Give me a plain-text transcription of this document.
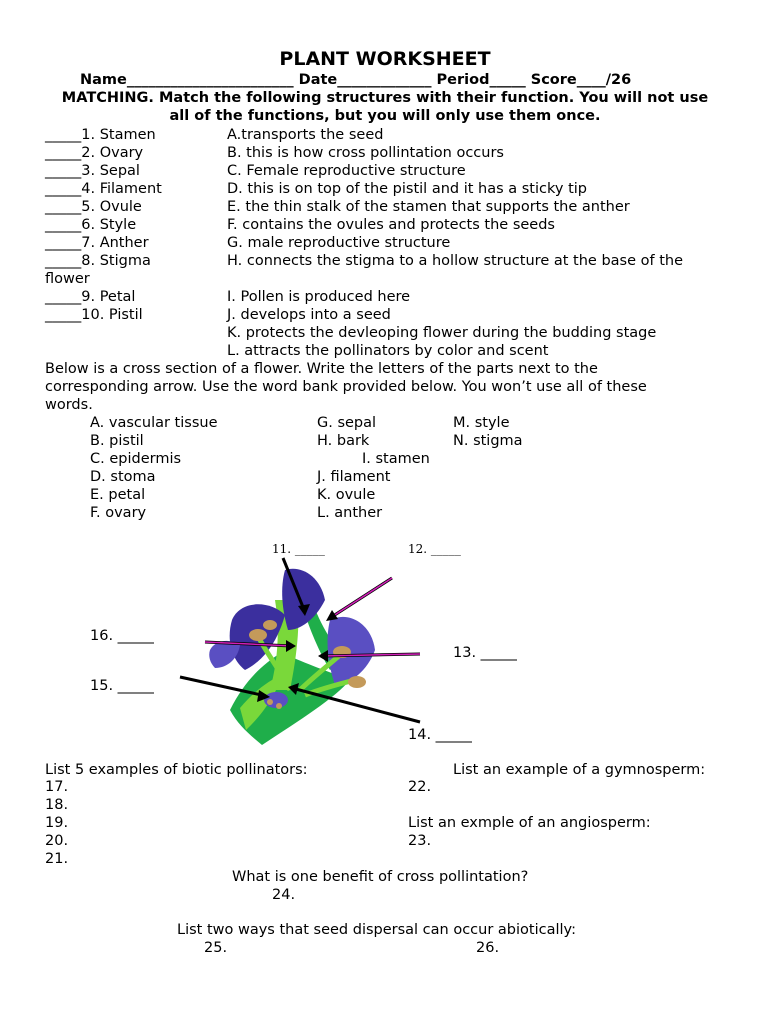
PLANT WORKSHEET
Name_______________________ Date_____________ Period_____ Score____/26
MATCHING. Match the following structures with their function. You will not use
all of the functions, but you will only use them once.
_____1. Stamen	A.transports the seed
_____2. Ovary	B. this is how cross pollintation occurs
_____3. Sepal	C. Female reproductive structure
_____4. Filament	D. this is on top of the pistil and it has a sticky tip
_____5. Ovule	E. the thin stalk of the stamen that supports the anther
_____6. Style	F. contains the ovules and protects the seeds
_____7. Anther	G. male reproductive structure
_____8. Stigma	H. connects the stigma to a hollow structure at the base of the
flower
_____9. Petal	I. Pollen is produced here
_____10. Pistil	J. develops into a seed
K. protects the devleoping flower during the budding stage
L. attracts the pollinators by color and scent
Below is a cross section of a flower. Write the letters of the parts next to the
corresponding arrow. Use the word bank provided below. You won’t use all of these
words.
A. vascular tissue
B. pistil
C. epidermis
D. stoma
E. petal
F. ovary
G. sepal
H. bark
I. stamen
J. filament
K. ovule
L. anther
M. style
N. stigma
11. _____	12. _____
16. _____
13. _____
15. _____
14. _____
List 5 examples of biotic pollinators:
17.
18.
19.
20.
21.
List an example of a gymnosperm:
22.
List an exmple of an angiosperm:
23.
What is one benefit of cross pollintation?
24.
List two ways that seed dispersal can occur abiotically:
25.	26.
